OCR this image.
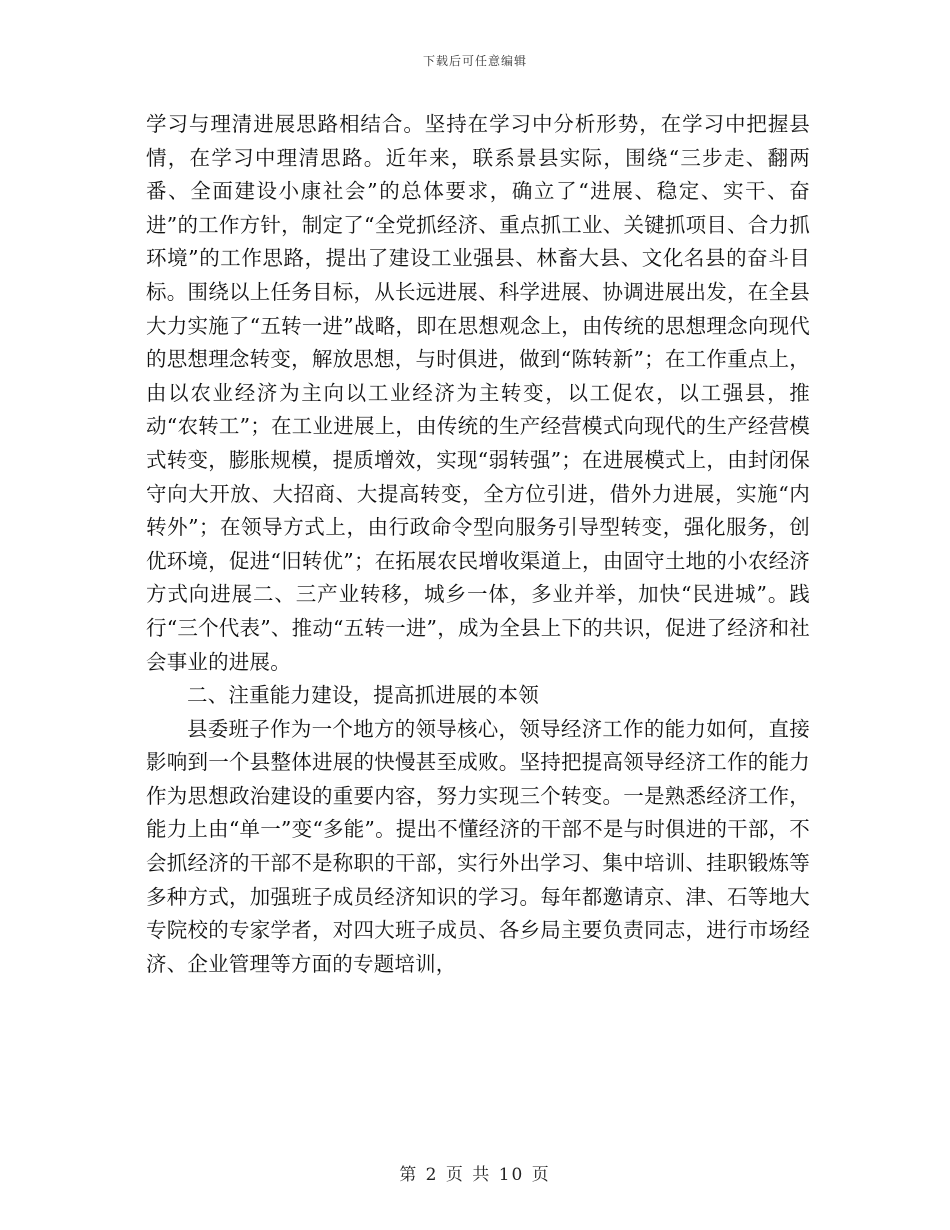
下载后可任意编辑

学习与理清进展思路相结合。坚持在学习中分析形势，在学习中把握县情，在学习中理清思路。近年来，联系景县实际，围绕“三步走、翻两番、全面建设小康社会”的总体要求，确立了“进展、稳定、实干、奋进”的工作方针，制定了“全党抓经济、重点抓工业、关键抓项目、合力抓环境”的工作思路，提出了建设工业强县、林畜大县、文化名县的奋斗目标。围绕以上任务目标，从长远进展、科学进展、协调进展出发，在全县大力实施了“五转一进”战略，即在思想观念上，由传统的思想理念向现代的思想理念转变，解放思想，与时俱进，做到“陈转新”；在工作重点上，由以农业经济为主向以工业经济为主转变，以工促农，以工强县，推动“农转工”；在工业进展上，由传统的生产经营模式向现代的生产经营模式转变，膨胀规模，提质增效，实现“弱转强”；在进展模式上，由封闭保守向大开放、大招商、大提高转变，全方位引进，借外力进展，实施“内转外”；在领导方式上，由行政命令型向服务引导型转变，强化服务，创优环境，促进“旧转优”；在拓展农民增收渠道上，由固守土地的小农经济方式向进展二、三产业转移，城乡一体，多业并举，加快“民进城”。践行“三个代表”、推动“五转一进”，成为全县上下的共识，促进了经济和社会事业的进展。

二、注重能力建设，提高抓进展的本领

县委班子作为一个地方的领导核心，领导经济工作的能力如何，直接影响到一个县整体进展的快慢甚至成败。坚持把提高领导经济工作的能力作为思想政治建设的重要内容，努力实现三个转变。一是熟悉经济工作，能力上由“单一”变“多能”。提出不懂经济的干部不是与时俱进的干部，不会抓经济的干部不是称职的干部，实行外出学习、集中培训、挂职锻炼等多种方式，加强班子成员经济知识的学习。每年都邀请京、津、石等地大专院校的专家学者，对四大班子成员、各乡局主要负责同志，进行市场经济、企业管理等方面的专题培训，

第 2 页 共 10 页
